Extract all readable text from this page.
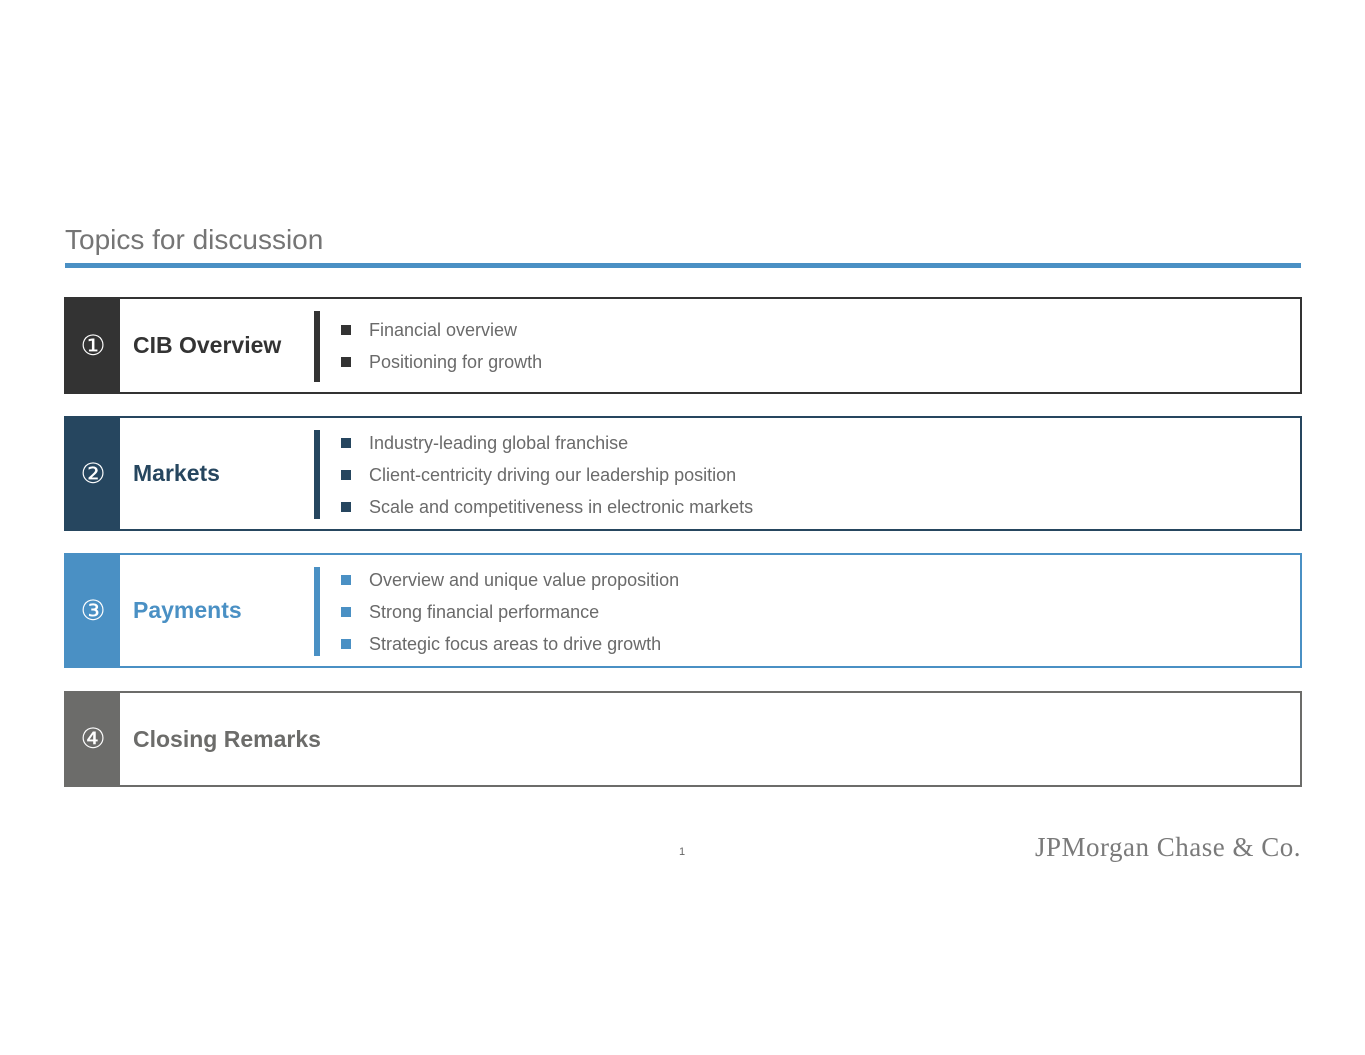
Topics for discussion
① CIB Overview
Financial overview
Positioning for growth
② Markets
Industry-leading global franchise
Client-centricity driving our leadership position
Scale and competitiveness in electronic markets
③ Payments
Overview and unique value proposition
Strong financial performance
Strategic focus areas to drive growth
④ Closing Remarks
1	JPMorgan Chase & Co.
